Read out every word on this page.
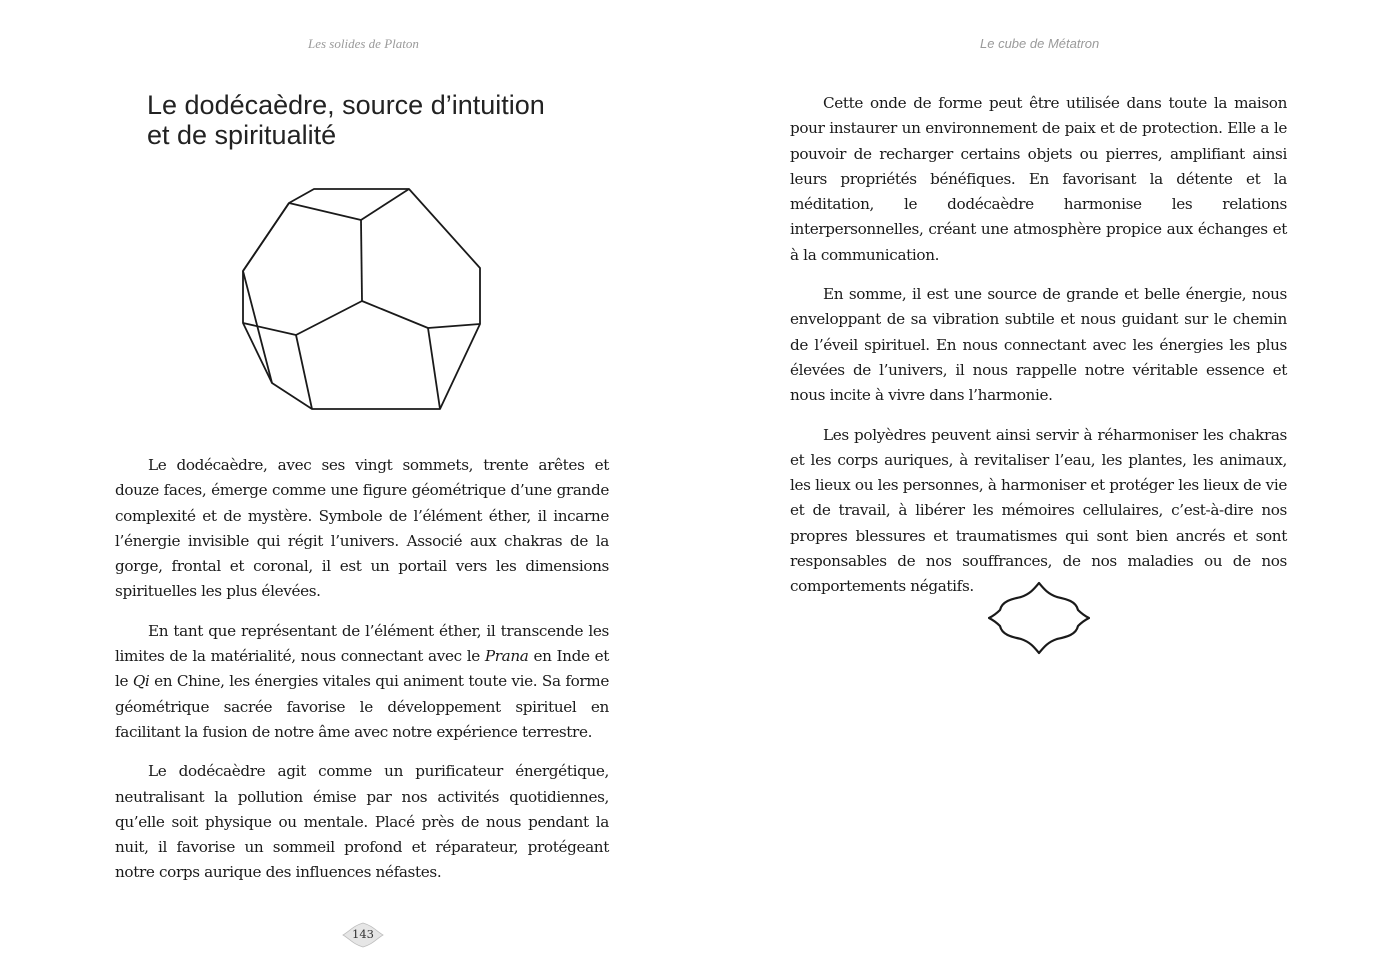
Les solides de Platon
Le dodécaèdre, source d’intuition
et de spiritualité

Le dodécaèdre, avec ses vingt sommets, trente arêtes et douze faces, émerge comme une figure géométrique d’une grande complexité et de mystère. Symbole de l’élément éther, il incarne l’énergie invisible qui régit l’univers. Associé aux chakras de la gorge, frontal et coronal, il est un portail vers les dimensions spirituelles les plus élevées.

En tant que représentant de l’élément éther, il transcende les limites de la matérialité, nous connectant avec le Prana en Inde et le Qi en Chine, les énergies vitales qui animent toute vie. Sa forme géométrique sacrée favorise le développement spirituel en facilitant la fusion de notre âme avec notre expérience terrestre.

Le dodécaèdre agit comme un purificateur énergétique, neutralisant la pollution émise par nos activités quotidiennes, qu’elle soit physique ou mentale. Placé près de nous pendant la nuit, il favorise un sommeil profond et réparateur, protégeant notre corps aurique des influences néfastes.

143
Le cube de Métatron

Cette onde de forme peut être utilisée dans toute la maison pour instaurer un environnement de paix et de protection. Elle a le pouvoir de recharger certains objets ou pierres, amplifiant ainsi leurs propriétés bénéfiques. En favorisant la détente et la méditation, le dodécaèdre harmonise les relations interpersonnelles, créant une atmosphère propice aux échanges et à la communication.

En somme, il est une source de grande et belle énergie, nous enveloppant de sa vibration subtile et nous guidant sur le chemin de l’éveil spirituel. En nous connectant avec les énergies les plus élevées de l’univers, il nous rappelle notre véritable essence et nous incite à vivre dans l’harmonie.

Les polyèdres peuvent ainsi servir à réharmoniser les chakras et les corps auriques, à revitaliser l’eau, les plantes, les animaux, les lieux ou les personnes, à harmoniser et protéger les lieux de vie et de travail, à libérer les mémoires cellulaires, c’est-à-dire nos propres blessures et traumatismes qui sont bien ancrés et sont responsables de nos souffrances, de nos maladies ou de nos comportements négatifs.
